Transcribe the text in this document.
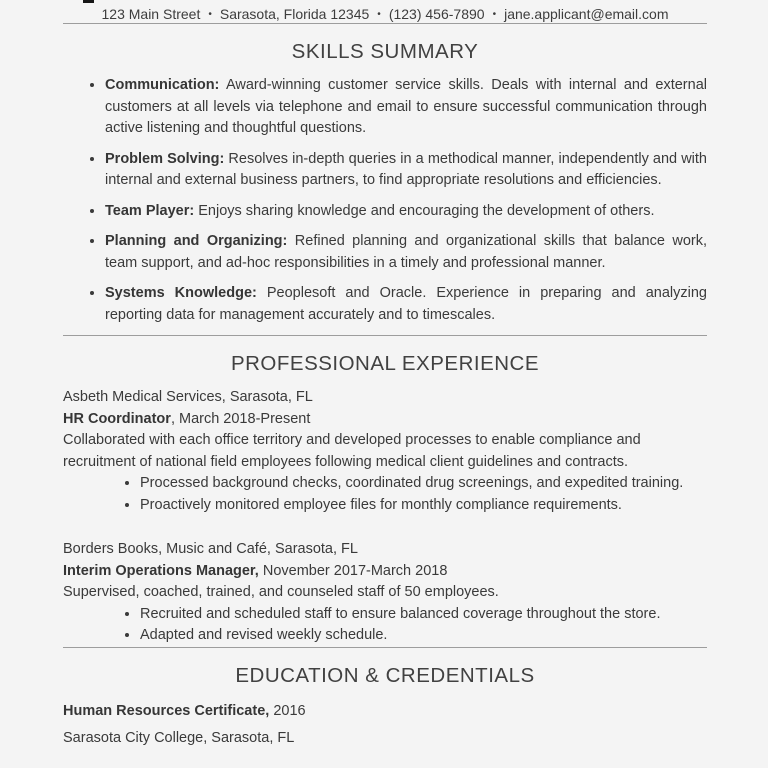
123 Main Street • Sarasota, Florida 12345 • (123) 456-7890 • jane.applicant@email.com
SKILLS SUMMARY
• Communication: Award-winning customer service skills. Deals with internal and external customers at all levels via telephone and email to ensure successful communication through active listening and thoughtful questions.
• Problem Solving: Resolves in-depth queries in a methodical manner, independently and with internal and external business partners, to find appropriate resolutions and efficiencies.
• Team Player: Enjoys sharing knowledge and encouraging the development of others.
• Planning and Organizing: Refined planning and organizational skills that balance work, team support, and ad-hoc responsibilities in a timely and professional manner.
• Systems Knowledge: Peoplesoft and Oracle. Experience in preparing and analyzing reporting data for management accurately and to timescales.
PROFESSIONAL EXPERIENCE

Asbeth Medical Services, Sarasota, FL

HR Coordinator, March 2018-Present

Collaborated with each office territory and developed processes to enable compliance and recruitment of national field employees following medical client guidelines and contracts.

• Processed background checks, coordinated drug screenings, and expedited training.
• Proactively monitored employee files for monthly compliance requirements.

Borders Books, Music and Café, Sarasota, FL

Interim Operations Manager, November 2017-March 2018

Supervised, coached, trained, and counseled staff of 50 employees.

• Recruited and scheduled staff to ensure balanced coverage throughout the store.
• Adapted and revised weekly schedule.
EDUCATION & CREDENTIALS

Human Resources Certificate, 2016

Sarasota City College, Sarasota, FL
